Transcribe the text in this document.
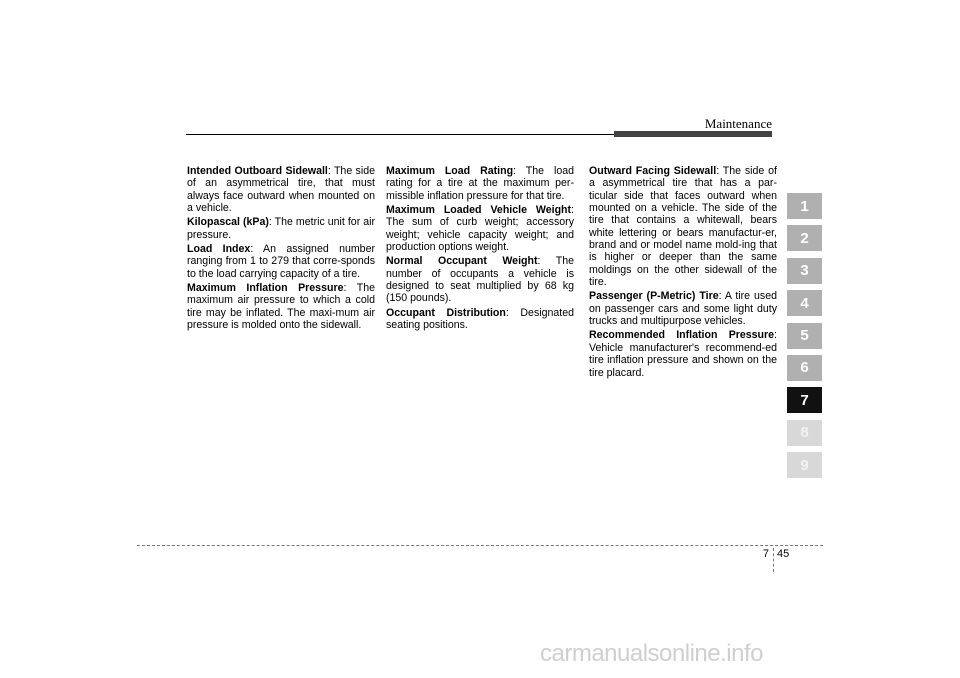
Maintenance

Intended Outboard Sidewall: The side of an asymmetrical tire, that must always face outward when mounted on a vehicle.

Kilopascal (kPa): The metric unit for air pressure.

Load Index: An assigned number ranging from 1 to 279 that corre-sponds to the load carrying capacity of a tire.

Maximum Inflation Pressure: The maximum air pressure to which a cold tire may be inflated. The maxi-mum air pressure is molded onto the sidewall.

Maximum Load Rating: The load rating for a tire at the maximum per-missible inflation pressure for that tire.

Maximum Loaded Vehicle Weight: The sum of curb weight; accessory weight; vehicle capacity weight; and production options weight.

Normal Occupant Weight: The number of occupants a vehicle is designed to seat multiplied by 68 kg (150 pounds).

Occupant Distribution: Designated seating positions.

Outward Facing Sidewall: The side of a asymmetrical tire that has a par-ticular side that faces outward when mounted on a vehicle. The side of the tire that contains a whitewall, bears white lettering or bears manufactur-er, brand and or model name mold-ing that is higher or deeper than the same moldings on the other sidewall of the tire.

Passenger (P-Metric) Tire: A tire used on passenger cars and some light duty trucks and multipurpose vehicles.

Recommended Inflation Pressure: Vehicle manufacturer's recommend-ed tire inflation pressure and shown on the tire placard.

1
2
3
4
5
6
7
8
9
7 45
carmanualsonline.info
